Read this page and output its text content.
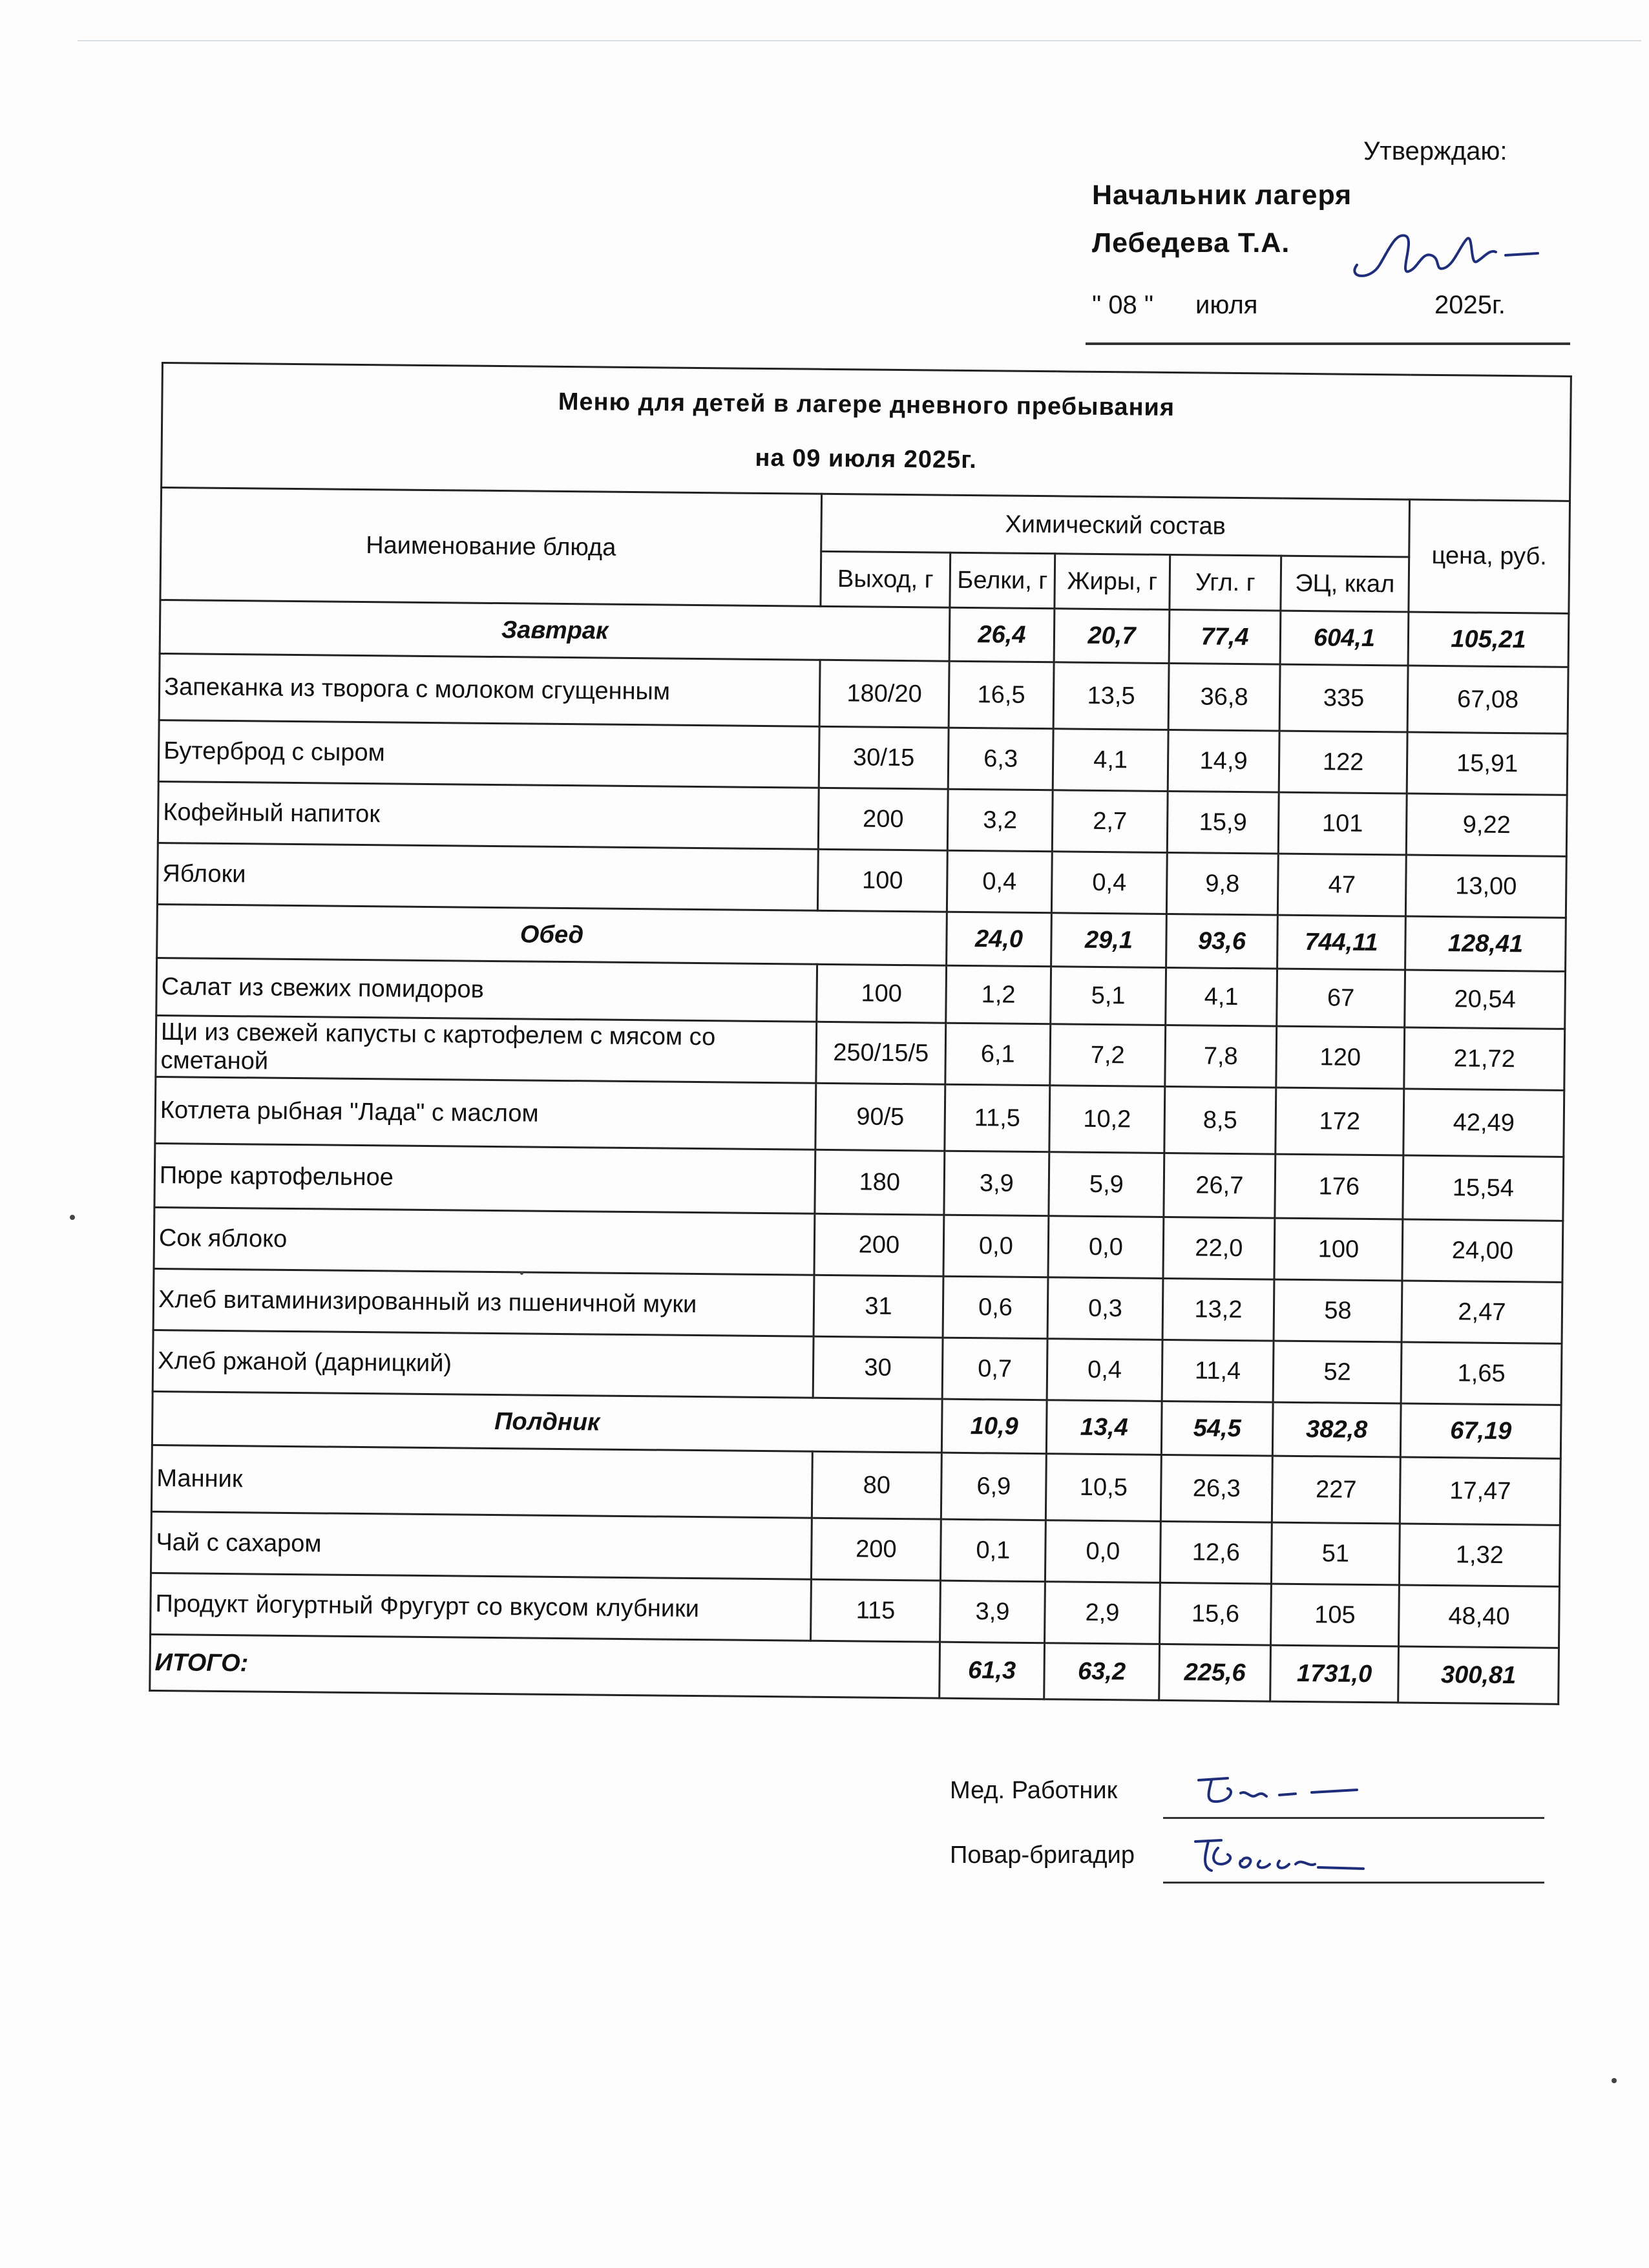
Утверждаю:
Начальник лагеря
Лебедева Т.А.
" 08 " июля	2025г.
Меню для детей в лагере дневного пребывания
на 09 июля 2025г.						

Наименование блюда	Химический состав					цена, руб.
	Выход, г	Белки, г	Жиры, г	Угл. г	ЭЦ, ккал	
Завтрак		26,4	20,7	77,4	604,1	105,21
Запеканка из творога с молоком сгущенным	180/20	16,5	13,5	36,8	335	67,08
Бутерброд с сыром	30/15	6,3	4,1	14,9	122	15,91
Кофейный напиток	200	3,2	2,7	15,9	101	9,22
Яблоки	100	0,4	0,4	9,8	47	13,00
Обед		24,0	29,1	93,6	744,11	128,41
Салат из свежих помидоров	100	1,2	5,1	4,1	67	20,54
Щи из свежей капусты с картофелем с мясом со сметаной	250/15/5	6,1	7,2	7,8	120	21,72
Котлета рыбная "Лада" с маслом	90/5	11,5	10,2	8,5	172	42,49
Пюре картофельное	180	3,9	5,9	26,7	176	15,54
Сок яблоко	200	0,0	0,0	22,0	100	24,00
Хлеб витаминизированный из пшеничной муки	31	0,6	0,3	13,2	58	2,47
Хлеб ржаной (дарницкий)	30	0,7	0,4	11,4	52	1,65
Полдник		10,9	13,4	54,5	382,8	67,19
Манник	80	6,9	10,5	26,3	227	17,47
Чай с сахаром	200	0,1	0,0	12,6	51	1,32
Продукт йогуртный Фругурт со вкусом клубники	115	3,9	2,9	15,6	105	48,40
ИТОГО:		61,3	63,2	225,6	1731,0	300,81
Мед. Работник
Повар-бригадир
